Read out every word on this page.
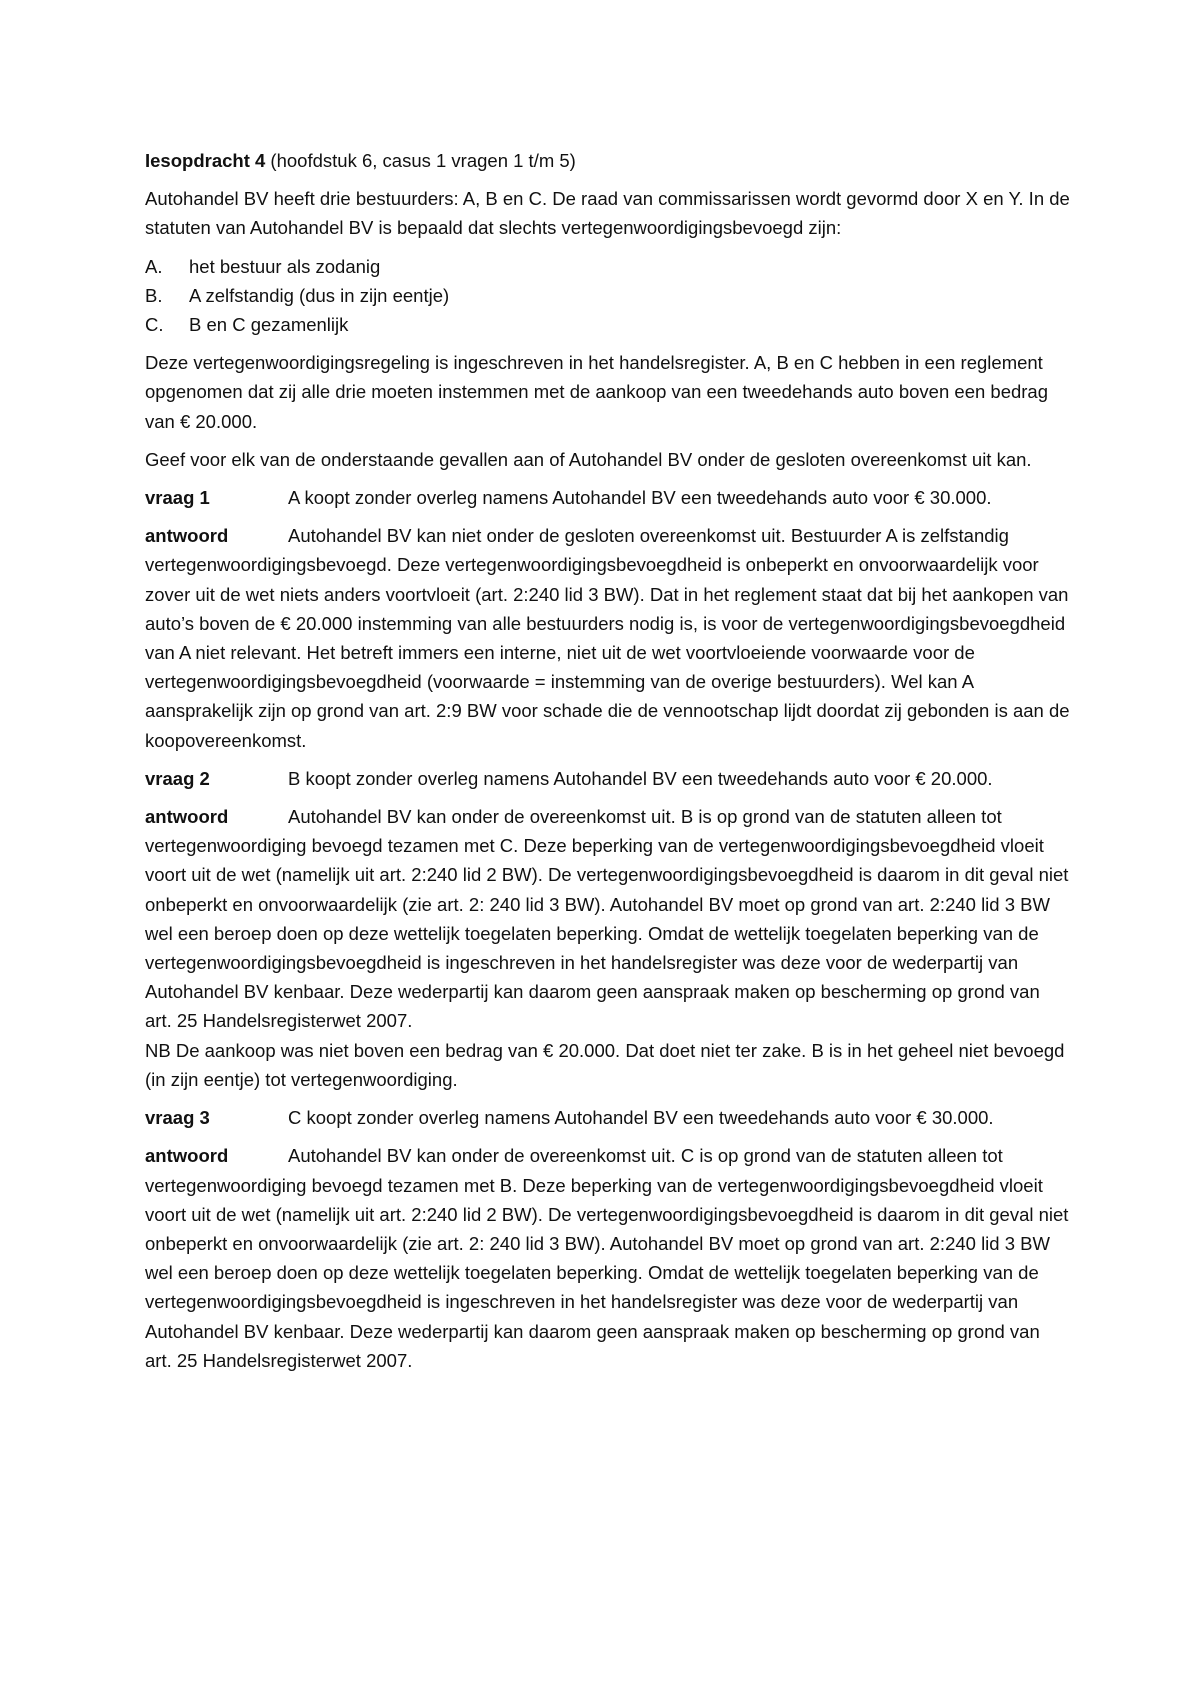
Iesopdracht 4 (hoofdstuk 6, casus 1 vragen 1 t/m 5)

Autohandel BV heeft drie bestuurders: A, B en C. De raad van commissarissen wordt gevormd door X en Y. In de statuten van Autohandel BV is bepaald dat slechts vertegenwoordigingsbevoegd zijn:

A.	het bestuur als zodanig
B.	A zelfstandig (dus in zijn eentje)
C.	B en C gezamenlijk

Deze vertegenwoordigingsregeling is ingeschreven in het handelsregister. A, B en C hebben in een reglement opgenomen dat zij alle drie moeten instemmen met de aankoop van een tweedehands auto boven een bedrag van € 20.000.

Geef voor elk van de onderstaande gevallen aan of Autohandel BV onder de gesloten overeenkomst uit kan.

vraag 1	A koopt zonder overleg namens Autohandel BV een tweedehands auto voor € 30.000.

antwoord	Autohandel BV kan niet onder de gesloten overeenkomst uit. Bestuurder A is zelfstandig vertegenwoordigingsbevoegd. Deze vertegenwoordigingsbevoegdheid is onbeperkt en onvoorwaardelijk voor zover uit de wet niets anders voortvloeit (art. 2:240 lid 3 BW). Dat in het reglement staat dat bij het aankopen van auto’s boven de € 20.000 instemming van alle bestuurders nodig is, is voor de vertegenwoordigingsbevoegdheid van A niet relevant. Het betreft immers een interne, niet uit de wet voortvloeiende voorwaarde voor de vertegenwoordigingsbevoegdheid (voorwaarde = instemming van de overige bestuurders). Wel kan A aansprakelijk zijn op grond van art. 2:9 BW voor schade die de vennootschap lijdt doordat zij gebonden is aan de koopovereenkomst.

vraag 2	B koopt zonder overleg namens Autohandel BV een tweedehands auto voor € 20.000.

antwoord	Autohandel BV kan onder de overeenkomst uit. B is op grond van de statuten alleen tot vertegenwoordiging bevoegd tezamen met C. Deze beperking van de vertegenwoordigingsbevoegdheid vloeit voort uit de wet (namelijk uit art. 2:240 lid 2 BW). De vertegenwoordigingsbevoegdheid is daarom in dit geval niet onbeperkt en onvoorwaardelijk (zie art. 2: 240 lid 3 BW). Autohandel BV moet op grond van art. 2:240 lid 3 BW wel een beroep doen op deze wettelijk toegelaten beperking. Omdat de wettelijk toegelaten beperking van de vertegenwoordigingsbevoegdheid is ingeschreven in het handelsregister was deze voor de wederpartij van Autohandel BV kenbaar. Deze wederpartij kan daarom geen aanspraak maken op bescherming op grond van art. 25 Handelsregisterwet 2007.

NB De aankoop was niet boven een bedrag van € 20.000. Dat doet niet ter zake. B is in het geheel niet bevoegd (in zijn eentje) tot vertegenwoordiging.

vraag 3	C koopt zonder overleg namens Autohandel BV een tweedehands auto voor € 30.000.

antwoord	Autohandel BV kan onder de overeenkomst uit. C is op grond van de statuten alleen tot vertegenwoordiging bevoegd tezamen met B. Deze beperking van de vertegenwoordigingsbevoegdheid vloeit voort uit de wet (namelijk uit art. 2:240 lid 2 BW). De vertegenwoordigingsbevoegdheid is daarom in dit geval niet onbeperkt en onvoorwaardelijk (zie art. 2: 240 lid 3 BW). Autohandel BV moet op grond van art. 2:240 lid 3 BW wel een beroep doen op deze wettelijk toegelaten beperking. Omdat de wettelijk toegelaten beperking van de vertegenwoordigingsbevoegdheid is ingeschreven in het handelsregister was deze voor de wederpartij van Autohandel BV kenbaar. Deze wederpartij kan daarom geen aanspraak maken op bescherming op grond van art. 25 Handelsregisterwet 2007.
